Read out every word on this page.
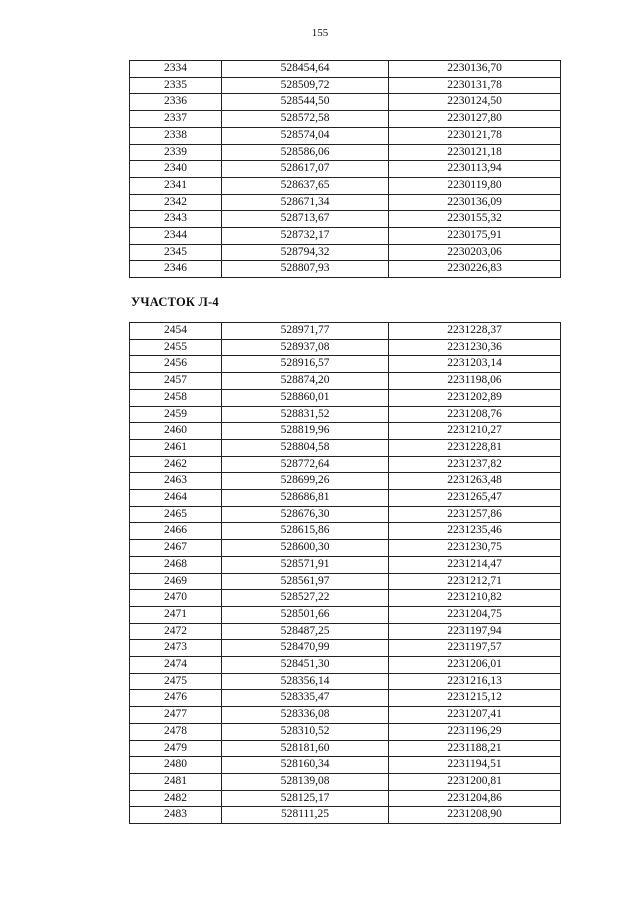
155
2334	528454,64	2230136,70
2335	528509,72	2230131,78
2336	528544,50	2230124,50
2337	528572,58	2230127,80
2338	528574,04	2230121,78
2339	528586,06	2230121,18
2340	528617,07	2230113,94
2341	528637,65	2230119,80
2342	528671,34	2230136,09
2343	528713,67	2230155,32
2344	528732,17	2230175,91
2345	528794,32	2230203,06
2346	528807,93	2230226,83
УЧАСТОК Л-4
2454	528971,77	2231228,37
2455	528937,08	2231230,36
2456	528916,57	2231203,14
2457	528874,20	2231198,06
2458	528860,01	2231202,89
2459	528831,52	2231208,76
2460	528819,96	2231210,27
2461	528804,58	2231228,81
2462	528772,64	2231237,82
2463	528699,26	2231263,48
2464	528686,81	2231265,47
2465	528676,30	2231257,86
2466	528615,86	2231235,46
2467	528600,30	2231230,75
2468	528571,91	2231214,47
2469	528561,97	2231212,71
2470	528527,22	2231210,82
2471	528501,66	2231204,75
2472	528487,25	2231197,94
2473	528470,99	2231197,57
2474	528451,30	2231206,01
2475	528356,14	2231216,13
2476	528335,47	2231215,12
2477	528336,08	2231207,41
2478	528310,52	2231196,29
2479	528181,60	2231188,21
2480	528160,34	2231194,51
2481	528139,08	2231200,81
2482	528125,17	2231204,86
2483	528111,25	2231208,90
